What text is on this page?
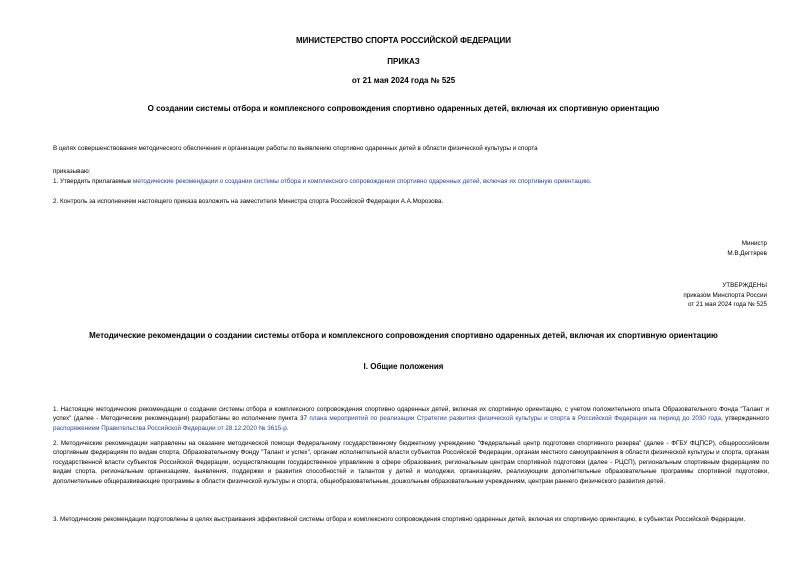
МИНИСТЕРСТВО СПОРТА РОССИЙСКОЙ ФЕДЕРАЦИИ
ПРИКАЗ
от 21 мая 2024 года № 525
О создании системы отбора и комплексного сопровождения спортивно одаренных детей, включая их спортивную ориентацию
В целях совершенствования методического обеспечения и организации работы по выявлению спортивно одаренных детей в области физической культуры и спорта
приказываю:
1. Утвердить прилагаемые методические рекомендации о создании системы отбора и комплексного сопровождения спортивно одаренных детей, включая их спортивную ориентацию.
2. Контроль за исполнением настоящего приказа возложить на заместителя Министра спорта Российской Федерации А.А.Морозова.
Министр
М.В.Дегтярев
УТВЕРЖДЕНЫ
приказом Минспорта России
от 21 мая 2024 года № 525
Методические рекомендации о создании системы отбора и комплексного сопровождения спортивно одаренных детей, включая их спортивную ориентацию
I. Общие положения
1. Настоящие методические рекомендации о создании системы отбора и комплексного сопровождения спортивно одаренных детей, включая их спортивную ориентацию, с учетом положительного опыта Образовательного Фонда "Талант и успех" (далее - Методические рекомендации) разработаны во исполнение пункта 37 плана мероприятий по реализации Стратегии развития физической культуры и спорта в Российской Федерации на период до 2030 года, утвержденного распоряжением Правительства Российской Федерации от 28.12.2020 № 3615-р.
2. Методические рекомендации направлены на оказание методической помощи Федеральному государственному бюджетному учреждению "Федеральный центр подготовки спортивного резерва" (далее - ФГБУ ФЦПСР), общероссийским спортивным федерациям по видам спорта, Образовательному Фонду "Талант и успех", органам исполнительной власти субъектов Российской Федерации, органам местного самоуправления в области физической культуры и спорта, органам государственной власти субъектов Российской Федерации, осуществляющим государственное управление в сфере образования, региональным центрам спортивной подготовки (далее - РЦСП), региональным спортивным федерациям по видам спорта, региональным организациям, выявления, поддержки и развития способностей и талантов у детей и молодежи, организациям, реализующим дополнительные образовательные программы спортивной подготовки, дополнительные общеразвивающие программы в области физической культуры и спорта, общеобразовательным, дошкольным образовательным учреждениям, центрам раннего физического развития детей.
3. Методические рекомендации подготовлены в целях выстраивания эффективной системы отбора и комплексного сопровождения спортивно одаренных детей, включая их спортивную ориентацию, в субъектах Российской Федерации.
